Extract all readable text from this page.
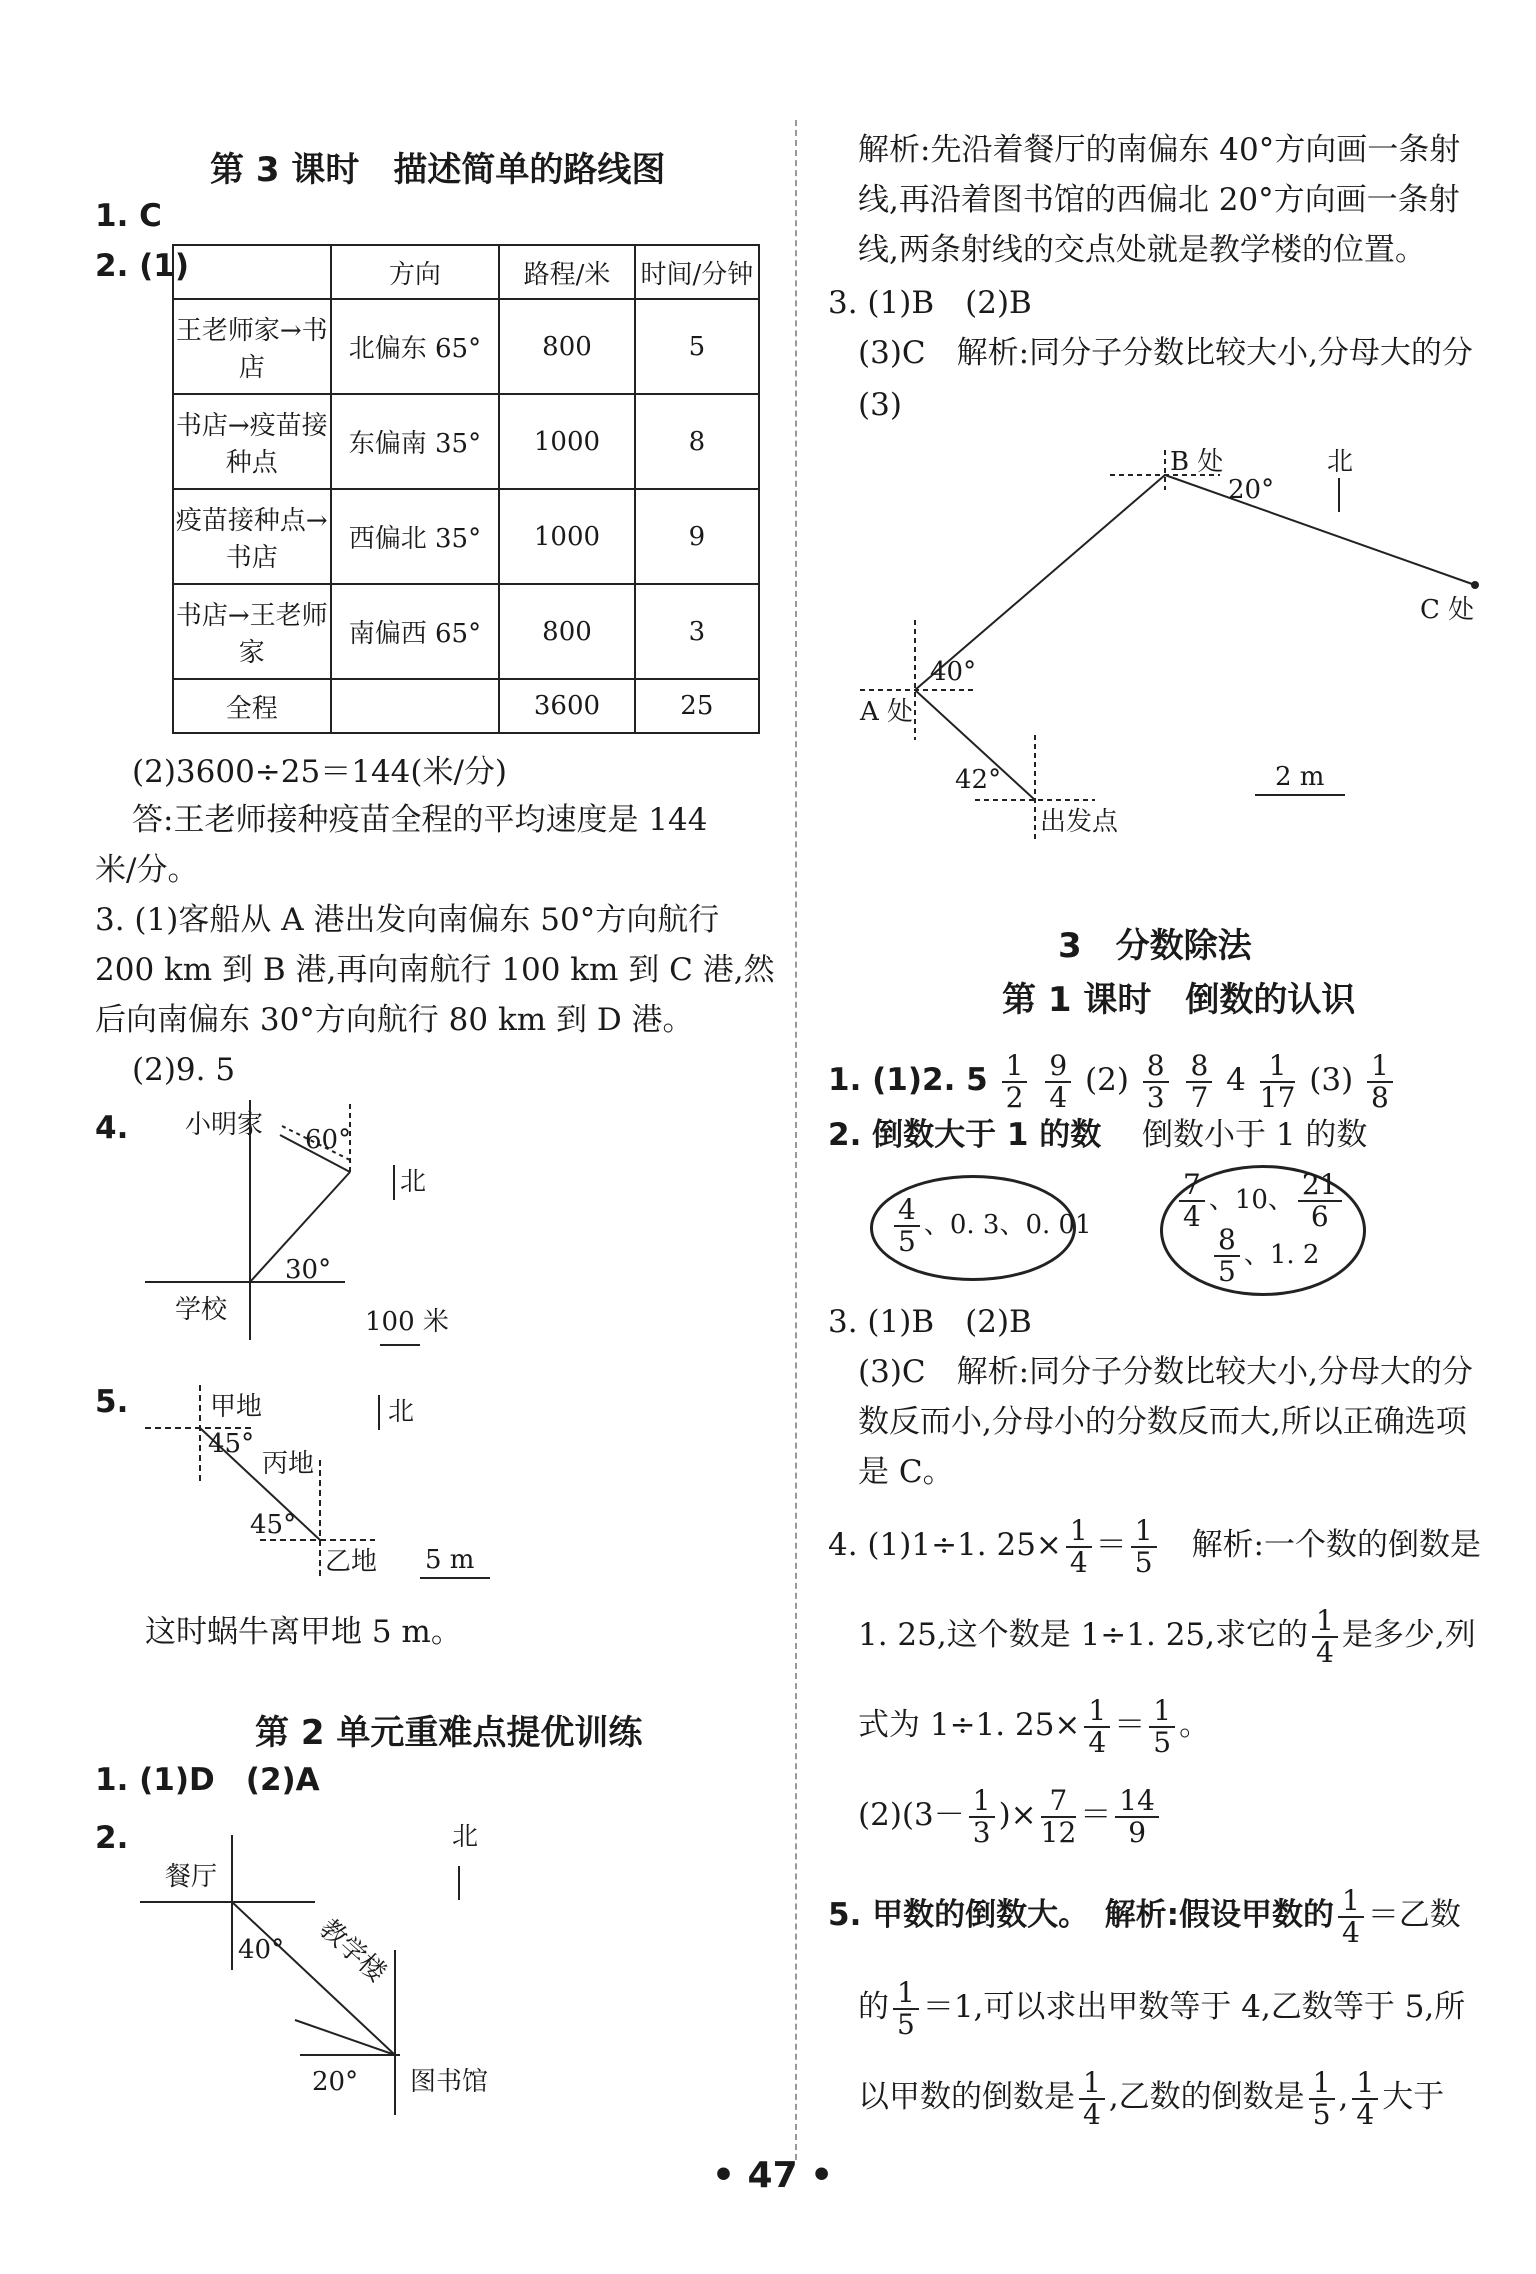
第 3 课时　描述简单的路线图
1. C
2. (1)
		方向	路程/米	时间/分钟
王老师家→书店	北偏东 65°	800	5
书店→疫苗接种点	东偏南 35°	1000	8
疫苗接种点→书店	西偏北 35°	1000	9
书店→王老师家	南偏西 65°	800	3
全程		3600	25
(2)3600÷25＝144(米/分)
答:王老师接种疫苗全程的平均速度是 144
米/分。
3. (1)客船从 A 港出发向南偏东 50°方向航行
200 km 到 B 港,再向南航行 100 km 到 C 港,然
后向南偏东 30°方向航行 80 km 到 D 港。
(2)9. 5
4. 小明家 60°
北
学校
30°
100 米
5.	甲地
45°
北
丙地
45°
乙地 5 m
这时蜗牛离甲地 5 m。
第 2 单元重难点提优训练
1. (1)D　(2)A
2.	北
餐厅
40° 教学楼
20° 图书馆
解析:先沿着餐厅的南偏东 40°方向画一条射
线,再沿着图书馆的西偏北 20°方向画一条射
线,两条射线的交点处就是教学楼的位置。
3. (1)B　(2)B
(3)C　解析:同分子分数比较大小,分母大的分
(3)
B 处
20°
北
C 处
40°
A 处
42°	2 m
出发点
3　分数除法
第 1 课时　倒数的认识
1. (1)2. $5 \frac{1}{2}$
$\frac{9}{4} (2) \frac{8}{3}$
$\frac{8}{7} 4 \frac{1}{17} (3) \frac{1}{8}$
2. 倒数大于 1 的数 倒数小于 1 的数
$\frac{4}{5}$ 、0. 3、0. 01	$\frac{7}{4}$ 、10、 $\frac{21}{6}$
$\frac{8}{5}$ 、1. 2
3. (1)B　(2)B
(3)C　解析:同分子分数比较大小,分母大的分
数反而小,分母小的分数反而大,所以正确选项
是 C。
4. (1)1÷1. $25\times \frac{1}{4} = \frac{1}{5}$
　 解析:一个数的倒数是
1. 25,这个数是 1÷1. 25,求它的 $\frac{1}{4}$ 是多少,列
式为 1÷1. $25\times \frac{1}{4} = \frac{1}{5}$ 。
$(2)(3- \frac{1}{3}$ )× $\frac{7}{12} = \frac{14}{9}$
5. 甲数的倒数大。　解析:假设甲数的 $\frac{1}{4}$ ＝乙数
的 $\frac{1}{5} =1$,可以求出甲数等于 4,乙数等于 5,所
以甲数的倒数是 $\frac{1}{4}$ ,乙数的倒数是 $\frac{1}{5}$ , $\frac{1}{4}$ 大于
• 47 •
